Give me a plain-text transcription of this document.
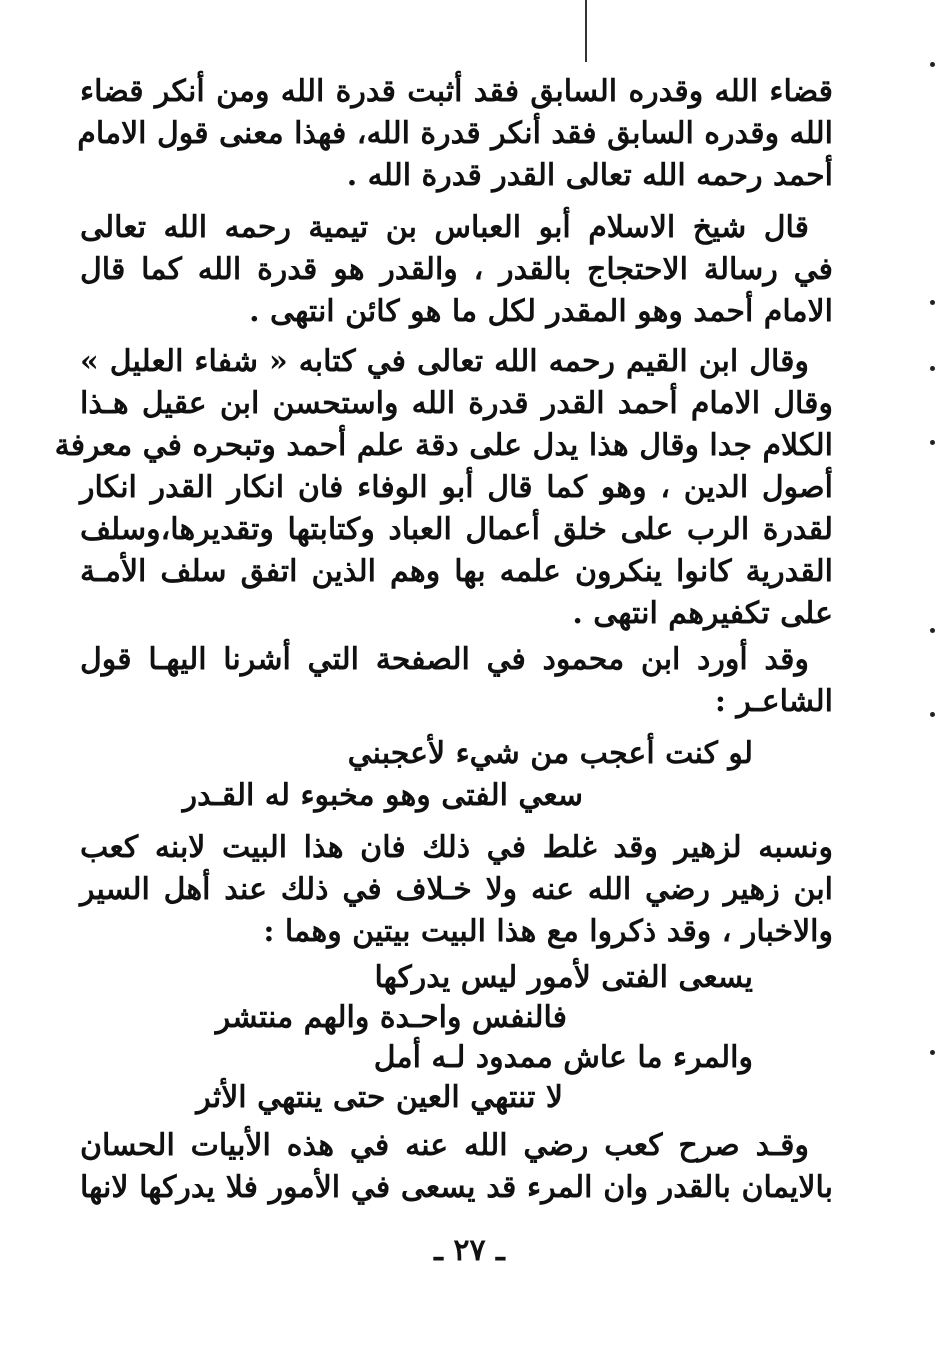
قضاء الله وقدره السابق فقد أثبت قدرة الله ومن أنكر قضاء
الله وقدره السابق فقد أنكر قدرة الله، فهذا معنى قول الامام
أحمد رحمه الله تعالى القدر قدرة الله .
قال شيخ الاسلام أبو العباس بن تيمية رحمه الله تعالى
في رسالة الاحتجاج بالقدر ، والقدر هو قدرة الله كما قال
الامام أحمد وهو المقدر لكل ما هو كائن انتهى .
وقال ابن القيم رحمه الله تعالى في كتابه « شفاء العليل »
وقال الامام أحمد القدر قدرة الله واستحسن ابن عقيل هـذا
الكلام جدا وقال هذا يدل على دقة علم أحمد وتبحره في معرفة
أصول الدين ، وهو كما قال أبو الوفاء فان انكار القدر انكار
لقدرة الرب على خلق أعمال العباد وكتابتها وتقديرها،وسلف
القدرية كانوا ينكرون علمه بها وهم الذين اتفق سلف الأمـة
على تكفيرهم انتهى .
وقد أورد ابن محمود في الصفحة التي أشرنا اليهـا قول
الشاعـر :
لو كنت أعجب من شيء لأعجبني
سعي الفتى وهو مخبوء له القـدر
ونسبه لزهير وقد غلط في ذلك فان هذا البيت لابنه كعب
ابن زهير رضي الله عنه ولا خـلاف في ذلك عند أهل السير
والاخبار ، وقد ذكروا مع هذا البيت بيتين وهما :
يسعى الفتى لأمور ليس يدركها
فالنفس واحـدة والهم منتشر
والمرء ما عاش ممدود لـه أمل
لا تنتهي العين حتى ينتهي الأثر
وقـد صرح كعب رضي الله عنه في هذه الأبيات الحسان
بالايمان بالقدر وان المرء قد يسعى في الأمور فلا يدركها لانها
ـ ٢٧ ـ
